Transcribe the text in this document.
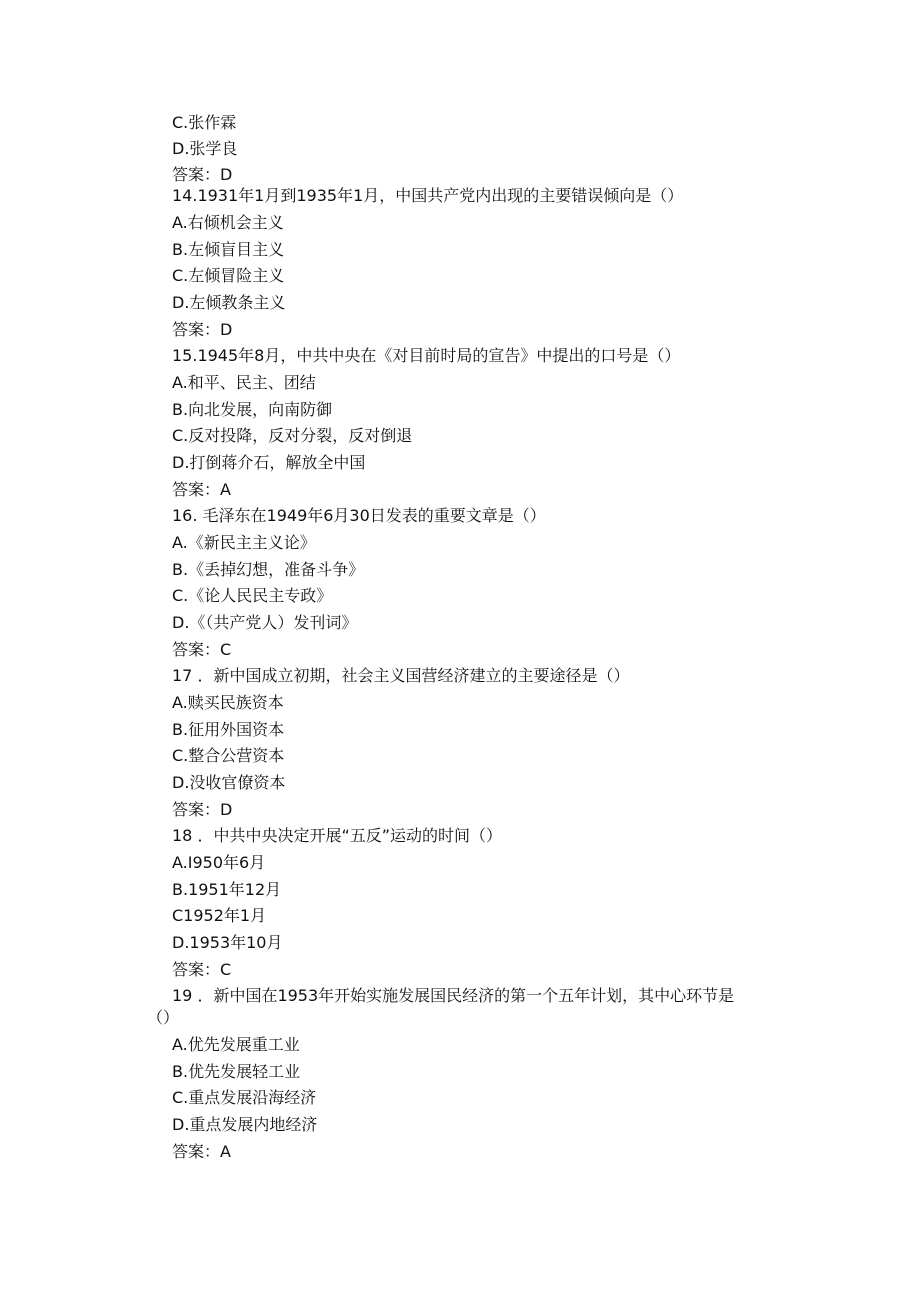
C.张作霖
D.张学良
答案：D
14.1931年1月到1935年1月，中国共产党内出现的主要错误倾向是（）
A.右倾机会主义
B.左倾盲目主义
C.左倾冒险主义
D.左倾教条主义
答案：D
15.1945年8月，中共中央在《对目前时局的宣告》中提出的口号是（）
A.和平、民主、团结
B.向北发展，向南防御
C.反对投降，反对分裂，反对倒退
D.打倒蒋介石，解放全中国
答案：A
16. 毛泽东在1949年6月30日发表的重要文章是（）
A.《新民主主义论》
B.《丢掉幻想，准备斗争》
C.《论人民民主专政》
D.《（共产党人）发刊词》
答案：C
17 ．新中国成立初期，社会主义国营经济建立的主要途径是（）
A.赎买民族资本
B.征用外国资本
C.整合公营资本
D.没收官僚资本
答案：D
18 ．中共中央决定开展“五反”运动的时间（）
A.I950年6月
B.1951年12月
C1952年1月
D.1953年10月
答案：C
19 ．新中国在1953年开始实施发展国民经济的第一个五年计划，其中心环节是
（）
A.优先发展重工业
B.优先发展轻工业
C.重点发展沿海经济
D.重点发展内地经济
答案：A
